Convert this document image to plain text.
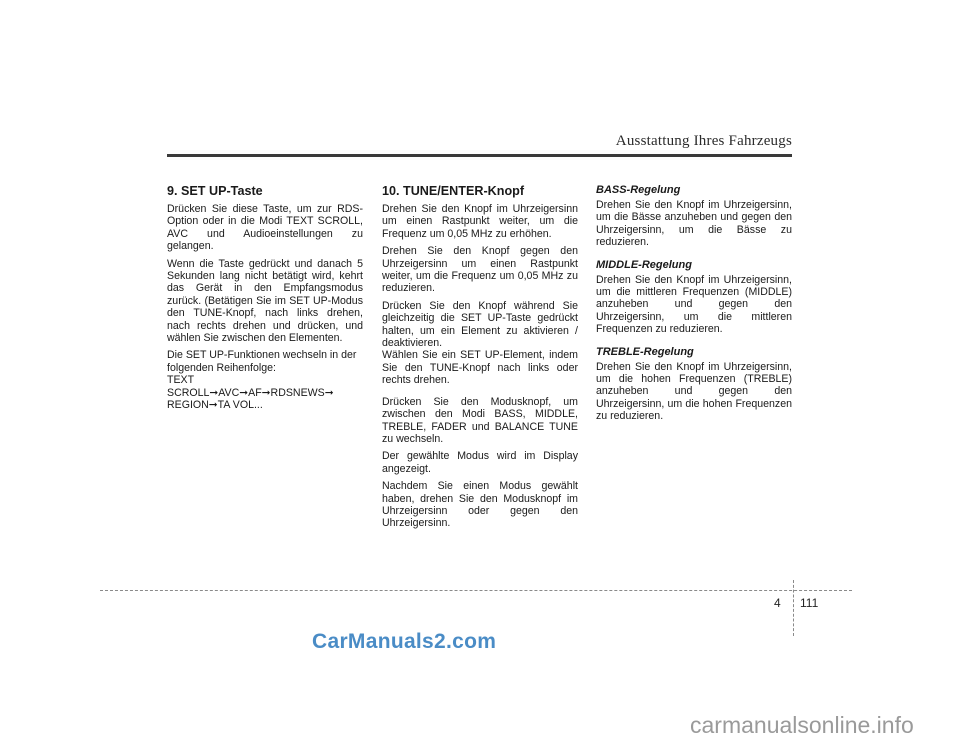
Ausstattung Ihres Fahrzeugs
9. SET UP-Taste

Drücken Sie diese Taste, um zur RDS-Option oder in die Modi TEXT SCROLL, AVC und Audioeinstellungen zu gelangen.

Wenn die Taste gedrückt und danach 5 Sekunden lang nicht betätigt wird, kehrt das Gerät in den Empfangsmodus zurück. (Betätigen Sie im SET UP-Modus den TUNE-Knopf, nach links drehen, nach rechts drehen und drücken, und wählen Sie zwischen den Elementen.

Die SET UP-Funktionen wechseln in der folgenden Reihenfolge:

TEXT SCROLL➞AVC➞AF➞RDSNEWS➞ REGION➞TA VOL...

10. TUNE/ENTER-Knopf

Drehen Sie den Knopf im Uhrzeigersinn um einen Rastpunkt weiter, um die Frequenz um 0,05 MHz zu erhöhen.

Drehen Sie den Knopf gegen den Uhrzeigersinn um einen Rastpunkt weiter, um die Frequenz um 0,05 MHz zu reduzieren.

Drücken Sie den Knopf während Sie gleichzeitig die SET UP-Taste gedrückt halten, um ein Element zu aktivieren / deaktivieren.

Wählen Sie ein SET UP-Element, indem Sie den TUNE-Knopf nach links oder rechts drehen.

Drücken Sie den Modusknopf, um zwischen den Modi BASS, MIDDLE, TREBLE, FADER und BALANCE TUNE zu wechseln.

Der gewählte Modus wird im Display angezeigt.

Nachdem Sie einen Modus gewählt haben, drehen Sie den Modusknopf im Uhrzeigersinn oder gegen den Uhrzeigersinn.

BASS-Regelung

Drehen Sie den Knopf im Uhrzeigersinn, um die Bässe anzuheben und gegen den Uhrzeigersinn, um die Bässe zu reduzieren.

MIDDLE-Regelung

Drehen Sie den Knopf im Uhrzeigersinn, um die mittleren Frequenzen (MIDDLE) anzuheben und gegen den Uhrzeigersinn, um die mittleren Frequenzen zu reduzieren.

TREBLE-Regelung

Drehen Sie den Knopf im Uhrzeigersinn, um die hohen Frequenzen (TREBLE) anzuheben und gegen den Uhrzeigersinn, um die hohen Frequenzen zu reduzieren.

4 111
CarManuals2.com
carmanualsonline.info
